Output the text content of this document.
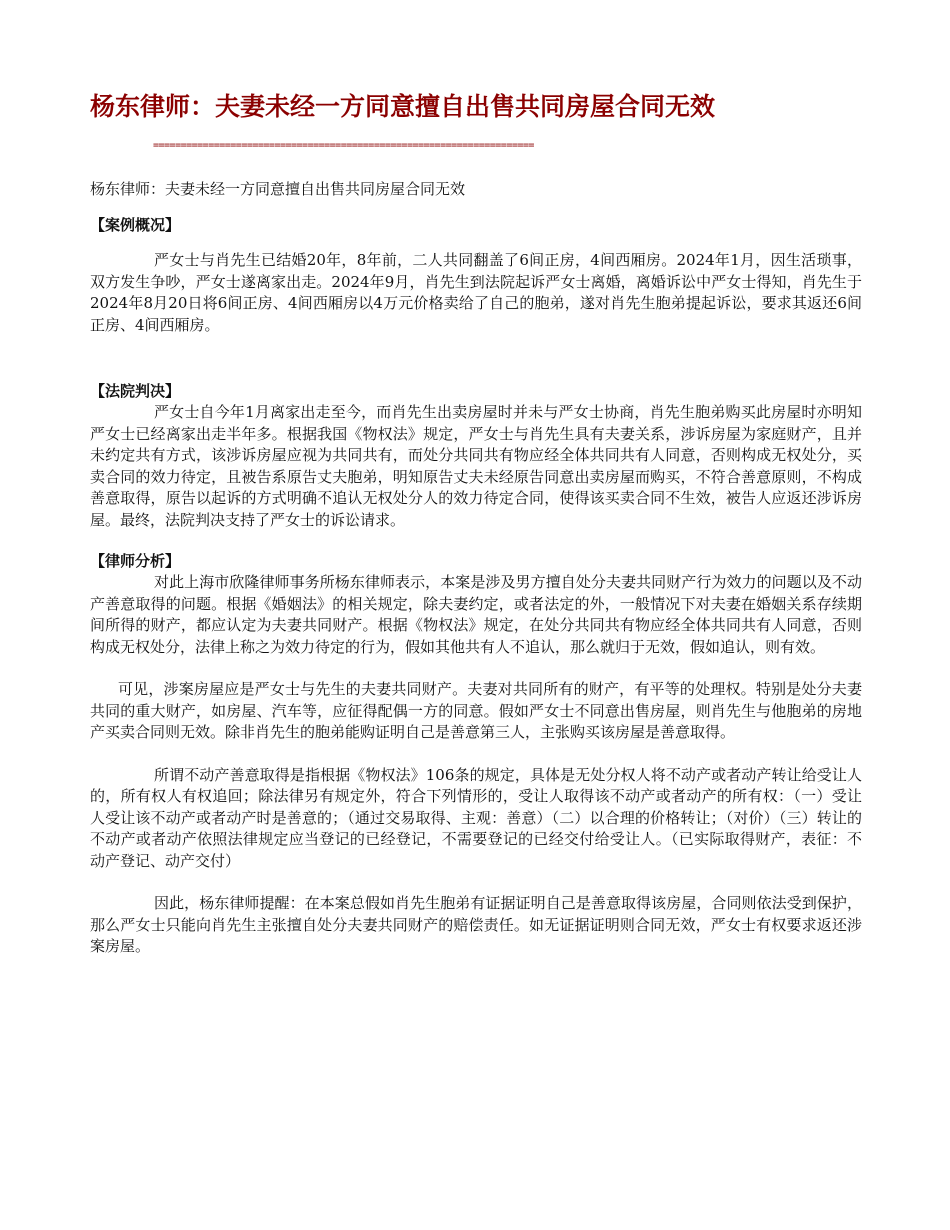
杨东律师：夫妻未经一方同意擅自出售共同房屋合同无效
=====================================================================
杨东律师：夫妻未经一方同意擅自出售共同房屋合同无效
【案例概况】

严女士与肖先生已结婚20年，8年前，二人共同翻盖了6间正房，4间西厢房。2024年1月，因生活琐事，双方发生争吵，严女士遂离家出走。2024年9月，肖先生到法院起诉严女士离婚，离婚诉讼中严女士得知，肖先生于2024年8月20日将6间正房、4间西厢房以4万元价格卖给了自己的胞弟，遂对肖先生胞弟提起诉讼，要求其返还6间正房、4间西厢房。

【法院判决】

严女士自今年1月离家出走至今，而肖先生出卖房屋时并未与严女士协商，肖先生胞弟购买此房屋时亦明知严女士已经离家出走半年多。根据我国《物权法》规定，严女士与肖先生具有夫妻关系，涉诉房屋为家庭财产，且并未约定共有方式，该涉诉房屋应视为共同共有，而处分共同共有物应经全体共同共有人同意，否则构成无权处分，买卖合同的效力待定，且被告系原告丈夫胞弟，明知原告丈夫未经原告同意出卖房屋而购买，不符合善意原则，不构成善意取得，原告以起诉的方式明确不追认无权处分人的效力待定合同，使得该买卖合同不生效，被告人应返还涉诉房屋。最终，法院判决支持了严女士的诉讼请求。

【律师分析】

对此上海市欣隆律师事务所杨东律师表示，本案是涉及男方擅自处分夫妻共同财产行为效力的问题以及不动产善意取得的问题。根据《婚姻法》的相关规定，除夫妻约定，或者法定的外，一般情况下对夫妻在婚姻关系存续期间所得的财产，都应认定为夫妻共同财产。根据《物权法》规定，在处分共同共有物应经全体共同共有人同意，否则构成无权处分，法律上称之为效力待定的行为，假如其他共有人不追认，那么就归于无效，假如追认，则有效。

可见，涉案房屋应是严女士与先生的夫妻共同财产。夫妻对共同所有的财产，有平等的处理权。特别是处分夫妻共同的重大财产，如房屋、汽车等，应征得配偶一方的同意。假如严女士不同意出售房屋，则肖先生与他胞弟的房地产买卖合同则无效。除非肖先生的胞弟能购证明自己是善意第三人，主张购买该房屋是善意取得。

所谓不动产善意取得是指根据《物权法》106条的规定，具体是无处分权人将不动产或者动产转让给受让人的，所有权人有权追回；除法律另有规定外，符合下列情形的，受让人取得该不动产或者动产的所有权：（一）受让人受让该不动产或者动产时是善意的；（通过交易取得、主观：善意）（二）以合理的价格转让；（对价）（三）转让的不动产或者动产依照法律规定应当登记的已经登记，不需要登记的已经交付给受让人。（已实际取得财产，表征：不动产登记、动产交付）

因此，杨东律师提醒：在本案总假如肖先生胞弟有证据证明自己是善意取得该房屋，合同则依法受到保护，那么严女士只能向肖先生主张擅自处分夫妻共同财产的赔偿责任。如无证据证明则合同无效，严女士有权要求返还涉案房屋。
